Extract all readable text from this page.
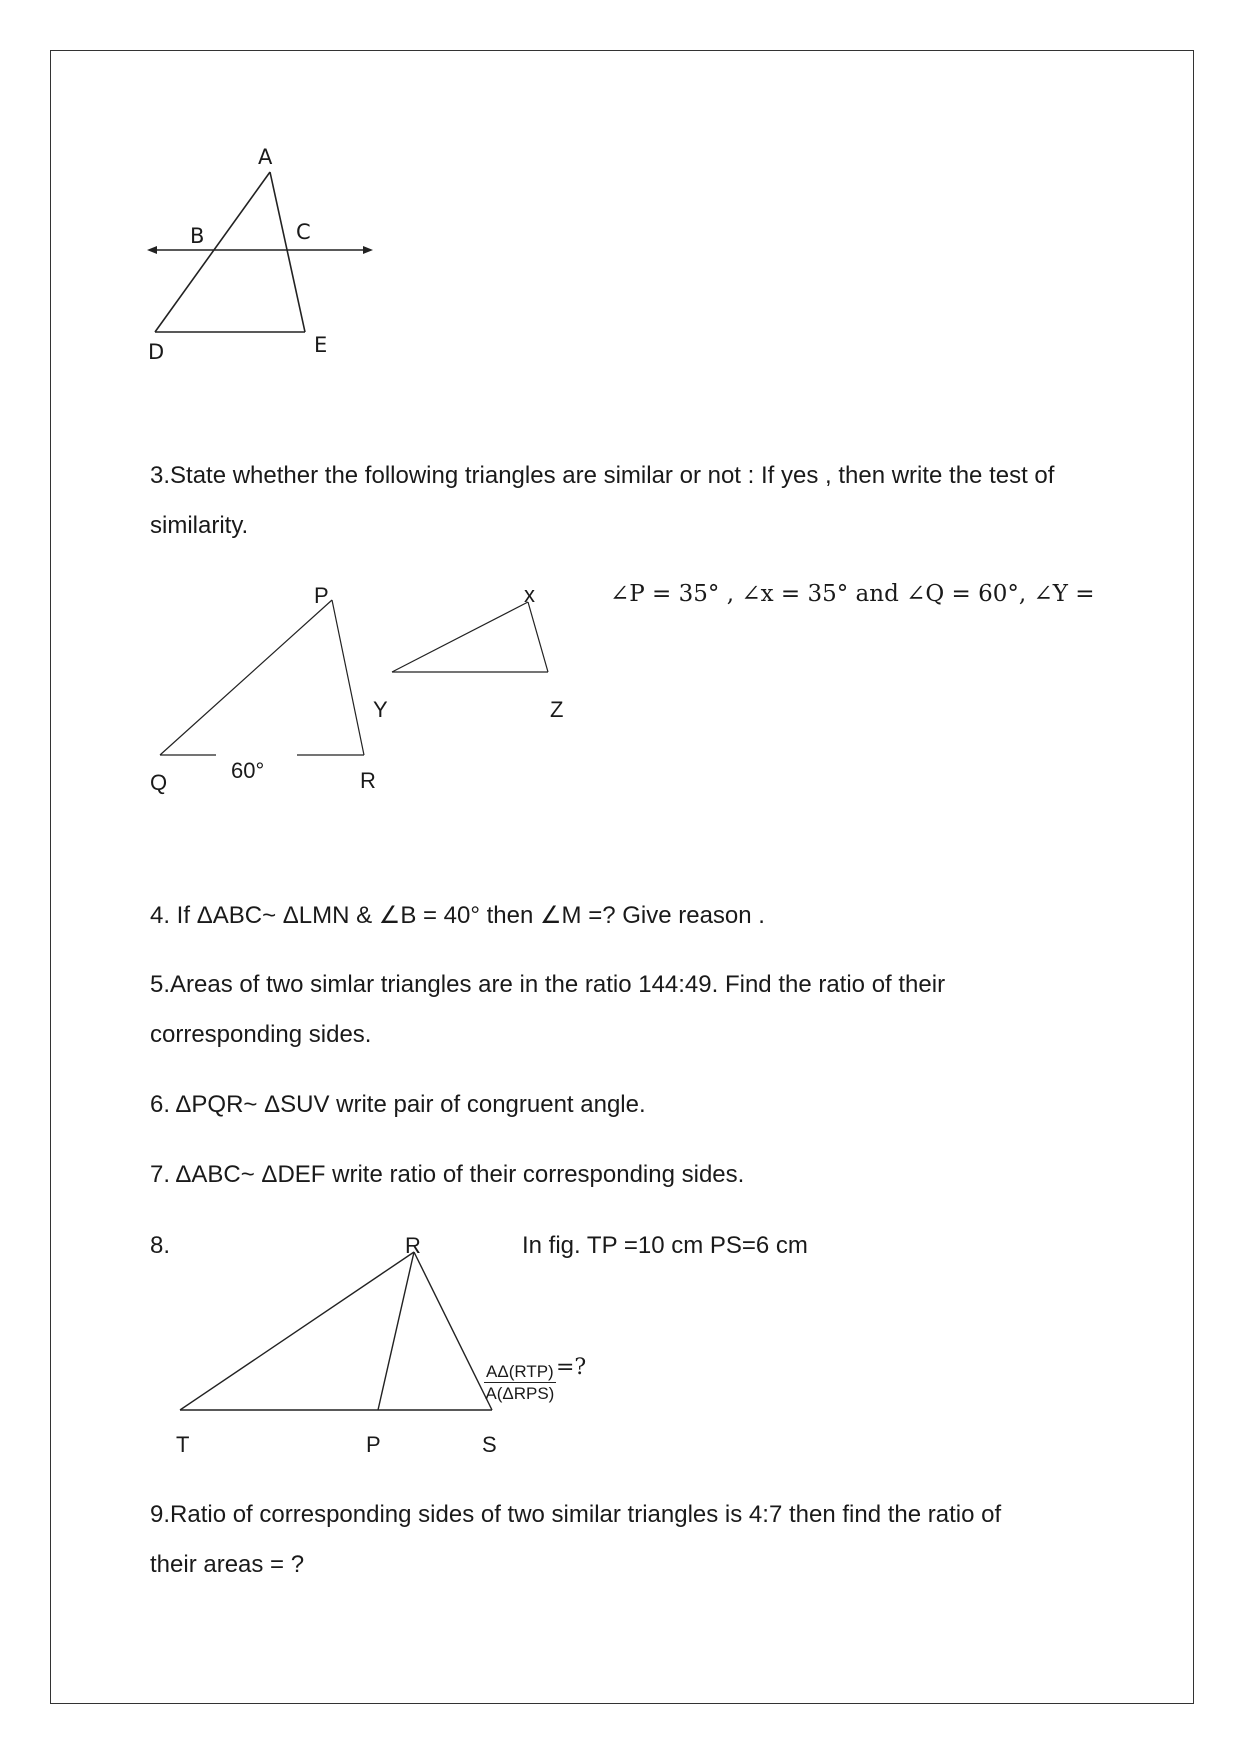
A
B	C
D	E
3.State whether the following triangles are similar or not : If yes , then write the test of
similarity.
P
Q	R
60°
x
Y	Z
∠P = 35° , ∠x = 35° and ∠Q = 60°, ∠Y =
4. If ΔABC~ ΔLMN & ∠B = 40° then ∠M =? Give reason .
5.Areas of two simlar triangles are in the ratio 144:49. Find the ratio of their
corresponding sides.
6. ΔPQR~ ΔSUV write pair of congruent angle.
7. ΔABC~ ΔDEF write ratio of their corresponding sides.
8.	In fig. TP =10 cm PS=6 cm
R
T	P	S
AΔ(RTP)
A(ΔRPS)
=?
9.Ratio of corresponding sides of two similar triangles is 4:7 then find the ratio of
their areas = ?
